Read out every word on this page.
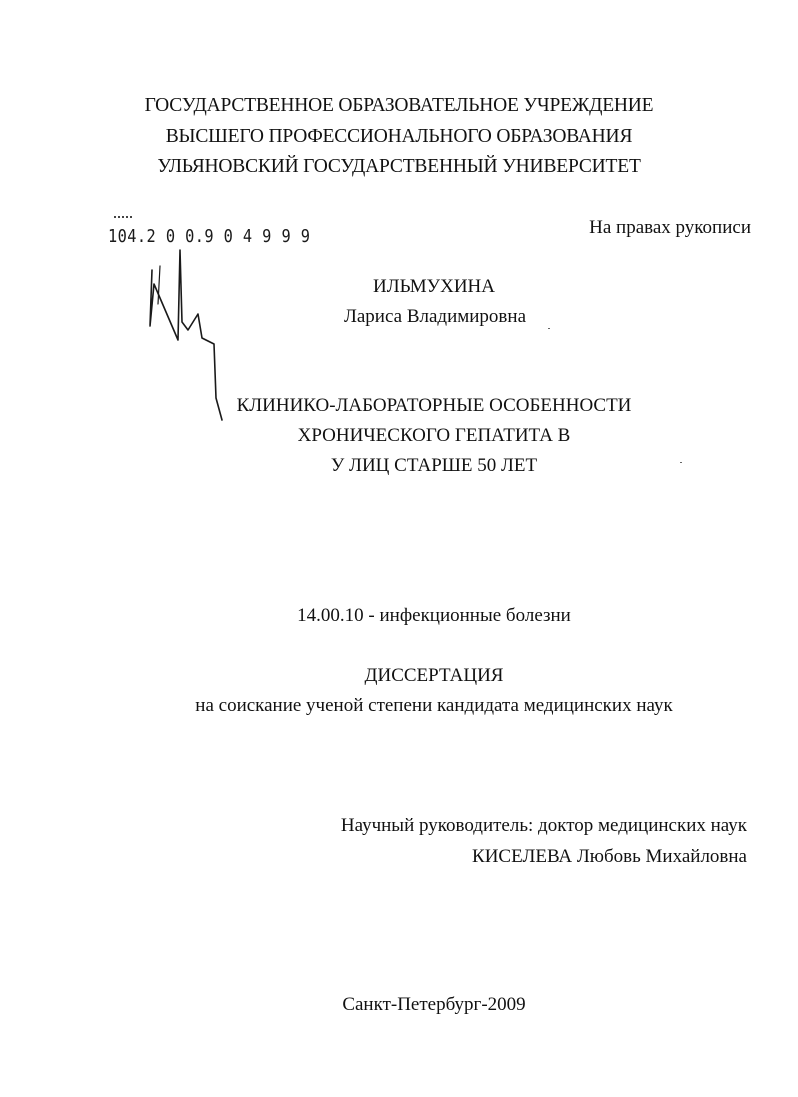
ГОСУДАРСТВЕННОЕ ОБРАЗОВАТЕЛЬНОЕ УЧРЕЖДЕНИЕ
ВЫСШЕГО ПРОФЕССИОНАЛЬНОГО ОБРАЗОВАНИЯ
УЛЬЯНОВСКИЙ ГОСУДАРСТВЕННЫЙ УНИВЕРСИТЕТ
104.2 0 0.9 0 4 9 9 9	На правах рукописи
ИЛЬМУХИНА
Лариса Владимировна
КЛИНИКО-ЛАБОРАТОРНЫЕ ОСОБЕННОСТИ
ХРОНИЧЕСКОГО ГЕПАТИТА В
У ЛИЦ СТАРШЕ 50 ЛЕТ
14.00.10 - инфекционные болезни
ДИССЕРТАЦИЯ
на соискание ученой степени кандидата медицинских наук
Научный руководитель: доктор медицинских наук
КИСЕЛЕВА Любовь Михайловна
Санкт-Петербург-2009
